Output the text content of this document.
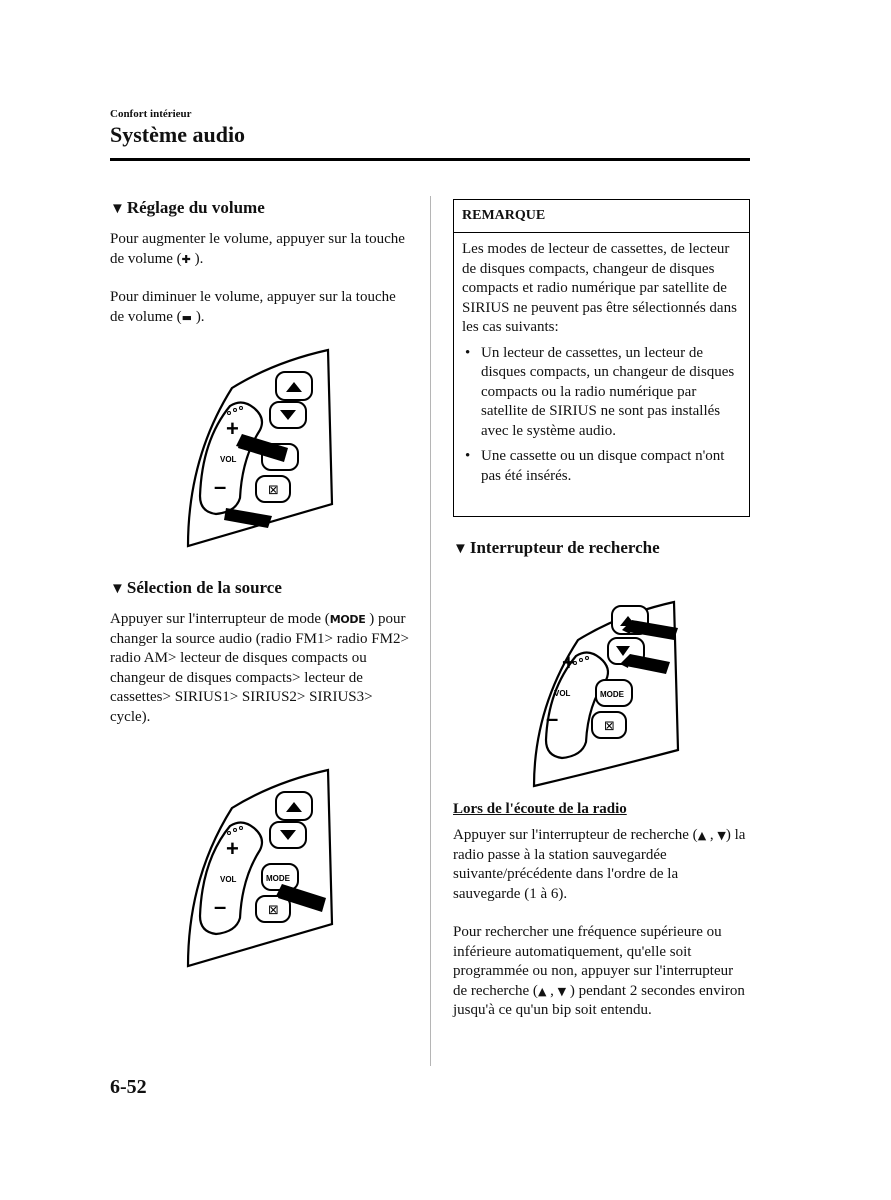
Confort intérieur
Système audio
▼ Réglage du volume
Pour augmenter le volume, appuyer sur la touche de volume (✚ ).
Pour diminuer le volume, appuyer sur la touche de volume (▬ ).
+
VOL
–	⊠
▼ Sélection de la source
Appuyer sur l'interrupteur de mode (MODE ) pour changer la source audio (radio FM1> radio FM2> radio AM> lecteur de disques compacts ou changeur de disques compacts> lecteur de cassettes> SIRIUS1> SIRIUS2> SIRIUS3> cycle).
+
VOL
–
MODE
⊠
REMARQUE
Les modes de lecteur de cassettes, de lecteur de disques compacts, changeur de disques compacts et radio numérique par satellite de SIRIUS ne peuvent pas être sélectionnés dans les cas suivants:
• Un lecteur de cassettes, un lecteur de disques compacts, un changeur de disques compacts ou la radio numérique par satellite de SIRIUS ne sont pas installés avec le système audio.
• Une cassette ou un disque compact n'ont pas été insérés.
▼ Interrupteur de recherche
+
VOL
–
MODE
⊠
Lors de l'écoute de la radio
Appuyer sur l'interrupteur de recherche (▲ , ▼) la radio passe à la station sauvegardée suivante/précédente dans l'ordre de la sauvegarde (1 à 6).
Pour rechercher une fréquence supérieure ou inférieure automatiquement, qu'elle soit programmée ou non, appuyer sur l'interrupteur de recherche (▲ , ▼ ) pendant 2 secondes environ jusqu'à ce qu'un bip soit entendu.
6-52
